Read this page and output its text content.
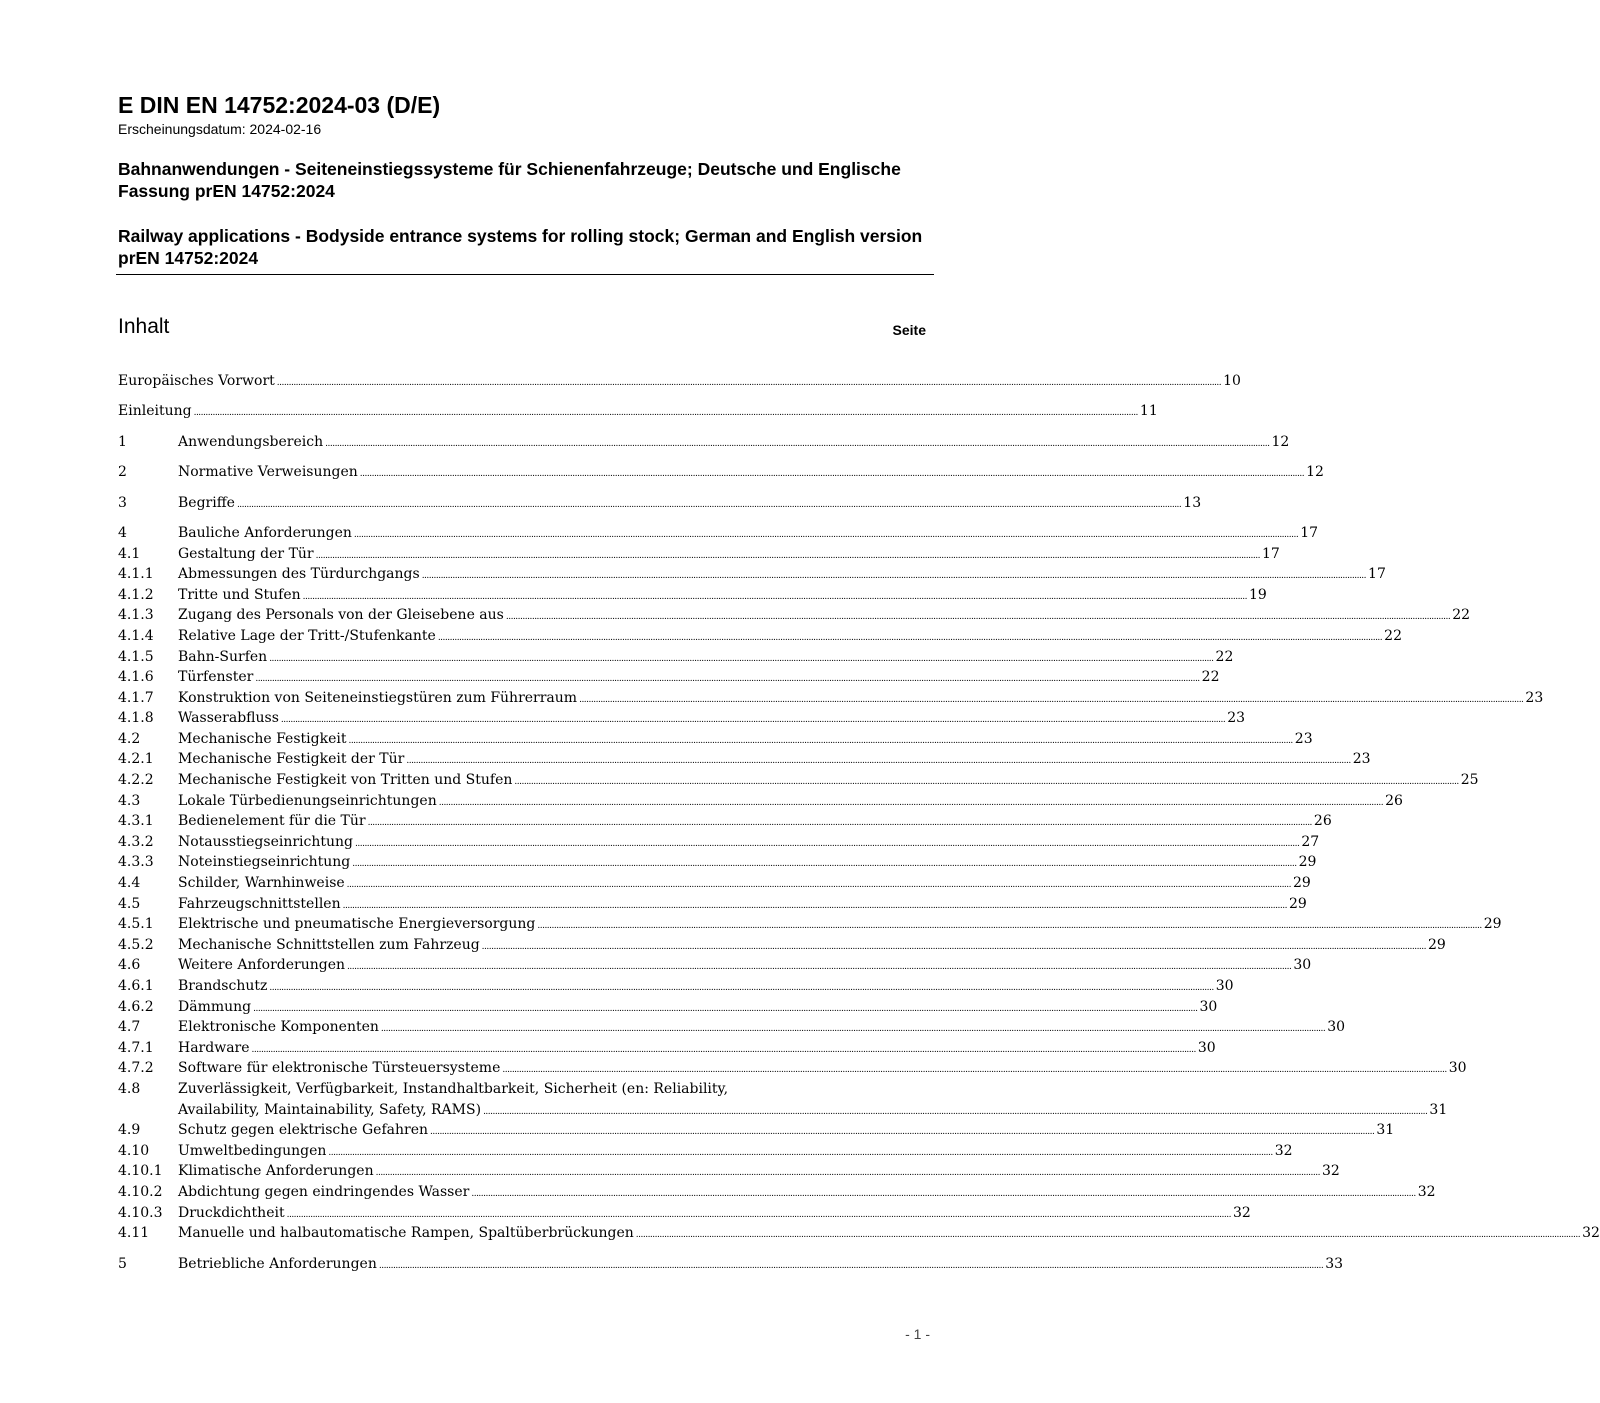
E DIN EN 14752:2024-03 (D/E)
Erscheinungsdatum: 2024-02-16
Bahnanwendungen - Seiteneinstiegssysteme für Schienenfahrzeuge; Deutsche und Englische Fassung prEN 14752:2024
Railway applications - Bodyside entrance systems for rolling stock; German and English version prEN 14752:2024
Inhalt	Seite
Europäisches Vorwort ................................................................................................................................................................................................................................................................................................................................................................................................................ 10
Einleitung ................................................................................................................................................................................................................................................................................................................................................................................................................ 11
1	Anwendungsbereich ................................................................................................................................................................................................................................................................................................................................................................................................................ 12
2	Normative Verweisungen ................................................................................................................................................................................................................................................................................................................................................................................................................ 12
3	Begriffe ................................................................................................................................................................................................................................................................................................................................................................................................................ 13
4	Bauliche Anforderungen ................................................................................................................................................................................................................................................................................................................................................................................................................ 17
4.1	Gestaltung der Tür ................................................................................................................................................................................................................................................................................................................................................................................................................ 17
4.1.1 Abmessungen des Türdurchgangs ................................................................................................................................................................................................................................................................................................................................................................................................................ 17
4.1.2 Tritte und Stufen ................................................................................................................................................................................................................................................................................................................................................................................................................ 19
4.1.3 Zugang des Personals von der Gleisebene aus ................................................................................................................................................................................................................................................................................................................................................................................................................ 22
4.1.4 Relative Lage der Tritt-/Stufenkante ................................................................................................................................................................................................................................................................................................................................................................................................................ 22
4.1.5 Bahn-Surfen ................................................................................................................................................................................................................................................................................................................................................................................................................ 22
4.1.6 Türfenster ................................................................................................................................................................................................................................................................................................................................................................................................................ 22
4.1.7 Konstruktion von Seiteneinstiegstüren zum Führerraum ................................................................................................................................................................................................................................................................................................................................................................................................................ 23
4.1.8 Wasserabfluss ................................................................................................................................................................................................................................................................................................................................................................................................................ 23
4.2	Mechanische Festigkeit ................................................................................................................................................................................................................................................................................................................................................................................................................ 23
4.2.1 Mechanische Festigkeit der Tür ................................................................................................................................................................................................................................................................................................................................................................................................................ 23
4.2.2 Mechanische Festigkeit von Tritten und Stufen ................................................................................................................................................................................................................................................................................................................................................................................................................ 25
4.3	Lokale Türbedienungseinrichtungen ................................................................................................................................................................................................................................................................................................................................................................................................................ 26
4.3.1 Bedienelement für die Tür ................................................................................................................................................................................................................................................................................................................................................................................................................ 26
4.3.2 Notausstiegseinrichtung ................................................................................................................................................................................................................................................................................................................................................................................................................ 27
4.3.3 Noteinstiegseinrichtung ................................................................................................................................................................................................................................................................................................................................................................................................................ 29
4.4	Schilder, Warnhinweise ................................................................................................................................................................................................................................................................................................................................................................................................................ 29
4.5	Fahrzeugschnittstellen ................................................................................................................................................................................................................................................................................................................................................................................................................ 29
4.5.1 Elektrische und pneumatische Energieversorgung ................................................................................................................................................................................................................................................................................................................................................................................................................ 29
4.5.2 Mechanische Schnittstellen zum Fahrzeug ................................................................................................................................................................................................................................................................................................................................................................................................................ 29
4.6	Weitere Anforderungen ................................................................................................................................................................................................................................................................................................................................................................................................................ 30
4.6.1 Brandschutz ................................................................................................................................................................................................................................................................................................................................................................................................................ 30
4.6.2 Dämmung ................................................................................................................................................................................................................................................................................................................................................................................................................ 30
4.7	Elektronische Komponenten ................................................................................................................................................................................................................................................................................................................................................................................................................ 30
4.7.1 Hardware ................................................................................................................................................................................................................................................................................................................................................................................................................ 30
4.7.2 Software für elektronische Türsteuersysteme ................................................................................................................................................................................................................................................................................................................................................................................................................ 30
4.8	Zuverlässigkeit, Verfügbarkeit, Instandhaltbarkeit, Sicherheit (en: Reliability,
Availability, Maintainability, Safety, RAMS) ................................................................................................................................................................................................................................................................................................................................................................................................................ 31
4.9	Schutz gegen elektrische Gefahren ................................................................................................................................................................................................................................................................................................................................................................................................................ 31
4.10 Umweltbedingungen ................................................................................................................................................................................................................................................................................................................................................................................................................ 32
4.10.1 Klimatische Anforderungen ................................................................................................................................................................................................................................................................................................................................................................................................................ 32
4.10.2 Abdichtung gegen eindringendes Wasser ................................................................................................................................................................................................................................................................................................................................................................................................................ 32
4.10.3 Druckdichtheit ................................................................................................................................................................................................................................................................................................................................................................................................................ 32
4.11 Manuelle und halbautomatische Rampen, Spaltüberbrückungen ................................................................................................................................................................................................................................................................................................................................................................................................................ 32
5	Betriebliche Anforderungen ................................................................................................................................................................................................................................................................................................................................................................................................................ 33
- 1 -
